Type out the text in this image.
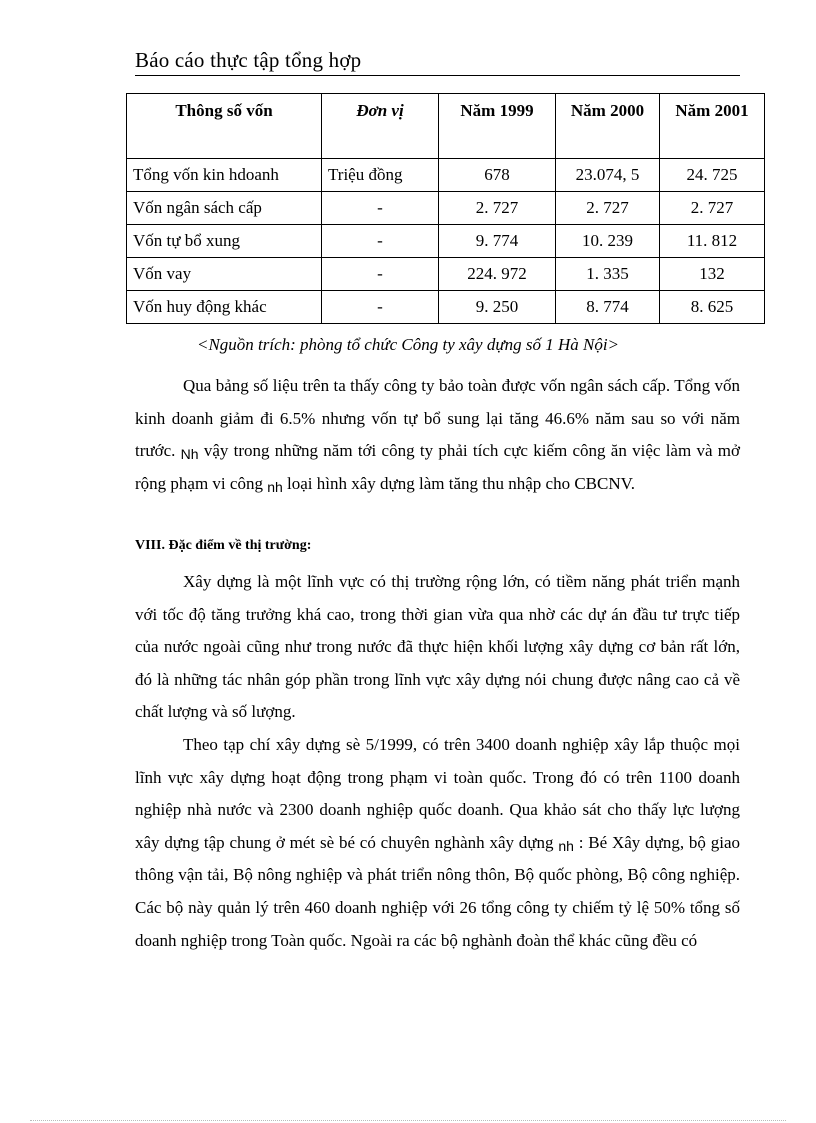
Báo cáo thực tập tổng hợp
Thông số vốn	Đơn vị	Năm 1999	Năm 2000	Năm 2001
Tổng vốn kin hdoanh	Triệu đồng	678	23.074, 5	24. 725
Vốn ngân sách cấp	-	2. 727	2. 727	2. 727
Vốn tự bổ xung	-	9. 774	10. 239	11. 812
Vốn vay	-	224. 972	1. 335	132
Vốn huy động khác	-	9. 250	8. 774	8. 625
<Nguồn trích: phòng tổ chức Công ty xây dựng số 1 Hà Nội>

Qua bảng số liệu trên ta thấy công ty bảo toàn được vốn ngân sách cấp. Tổng vốn kinh doanh giảm đi 6.5% nhưng vốn tự bổ sung lại tăng 46.6% năm sau so với năm trước. Nh vậy trong những năm tới công ty phải tích cực kiếm công ăn việc làm và mở rộng phạm vi công nh loại hình xây dựng làm tăng thu nhập cho CBCNV.

VIII. Đặc điểm về thị trường:

Xây dựng là một lĩnh vực có thị trường rộng lớn, có tiềm năng phát triển mạnh với tốc độ tăng trưởng khá cao, trong thời gian vừa qua nhờ các dự án đầu tư trực tiếp của nước ngoài cũng như trong nước đã thực hiện khối lượng xây dựng cơ bản rất lớn, đó là những tác nhân góp phần trong lĩnh vực xây dựng nói chung được nâng cao cả về chất lượng và số lượng.

Theo tạp chí xây dựng sè 5/1999, có trên 3400 doanh nghiệp xây lắp thuộc mọi lĩnh vực xây dựng hoạt động trong phạm vi toàn quốc. Trong đó có trên 1100 doanh nghiệp nhà nước và 2300 doanh nghiệp quốc doanh. Qua khảo sát cho thấy lực lượng xây dựng tập chung ở mét sè bé có chuyên nghành xây dựng nh : Bé Xây dựng, bộ giao thông vận tải, Bộ nông nghiệp và phát triển nông thôn, Bộ quốc phòng, Bộ công nghiệp. Các bộ này quản lý trên 460 doanh nghiệp với 26 tổng công ty chiếm tỷ lệ 50% tổng số doanh nghiệp trong Toàn quốc. Ngoài ra các bộ nghành đoàn thể khác cũng đều có
